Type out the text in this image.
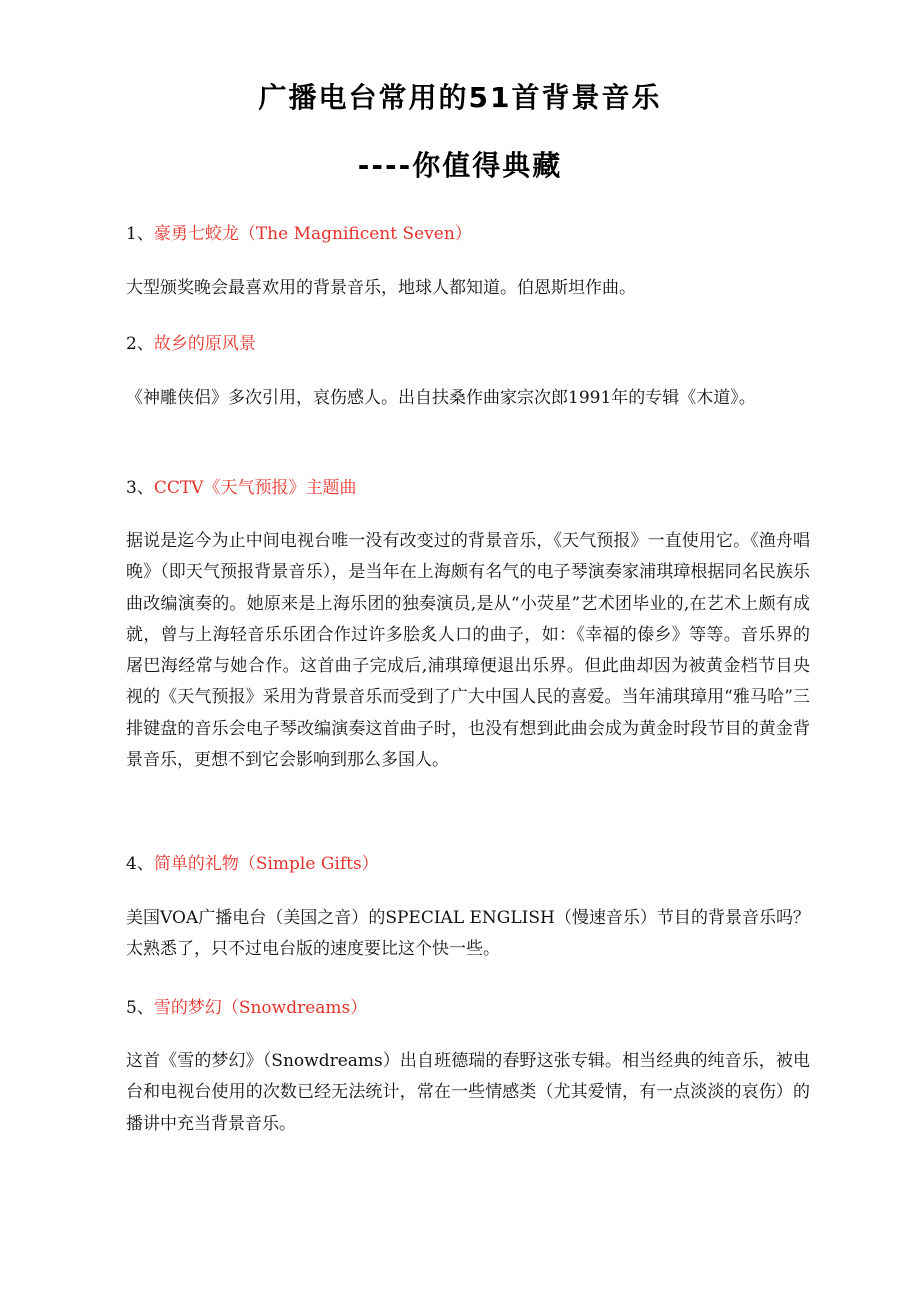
广播电台常用的51首背景音乐
----你值得典藏
1、豪勇七蛟龙（The Magnificent Seven）
大型颁奖晚会最喜欢用的背景音乐，地球人都知道。伯恩斯坦作曲。
2、故乡的原风景
《神雕侠侣》多次引用，哀伤感人。出自扶桑作曲家宗次郎1991年的专辑《木道》。
3、CCTV《天气预报》主题曲
据说是迄今为止中间电视台唯一没有改变过的背景音乐，《天气预报》一直使用它。《渔舟唱晚》（即天气预报背景音乐），是当年在上海颇有名气的电子琴演奏家浦琪璋根据同名民族乐曲改编演奏的。她原来是上海乐团的独奏演员,是从“小荧星”艺术团毕业的,在艺术上颇有成就，曾与上海轻音乐乐团合作过许多脍炙人口的曲子，如：《幸福的傣乡》等等。音乐界的屠巴海经常与她合作。这首曲子完成后,浦琪璋便退出乐界。但此曲却因为被黄金档节目央视的《天气预报》采用为背景音乐而受到了广大中国人民的喜爱。当年浦琪璋用“雅马哈”三排键盘的音乐会电子琴改编演奏这首曲子时，也没有想到此曲会成为黄金时段节目的黄金背景音乐，更想不到它会影响到那么多国人。
4、简单的礼物（Simple Gifts）
美国VOA广播电台（美国之音）的SPECIAL ENGLISH（慢速音乐）节目的背景音乐吗？太熟悉了，只不过电台版的速度要比这个快一些。
5、雪的梦幻（Snowdreams）
这首《雪的梦幻》（Snowdreams）出自班德瑞的春野这张专辑。相当经典的纯音乐，被电台和电视台使用的次数已经无法统计，常在一些情感类（尤其爱情，有一点淡淡的哀伤）的播讲中充当背景音乐。
